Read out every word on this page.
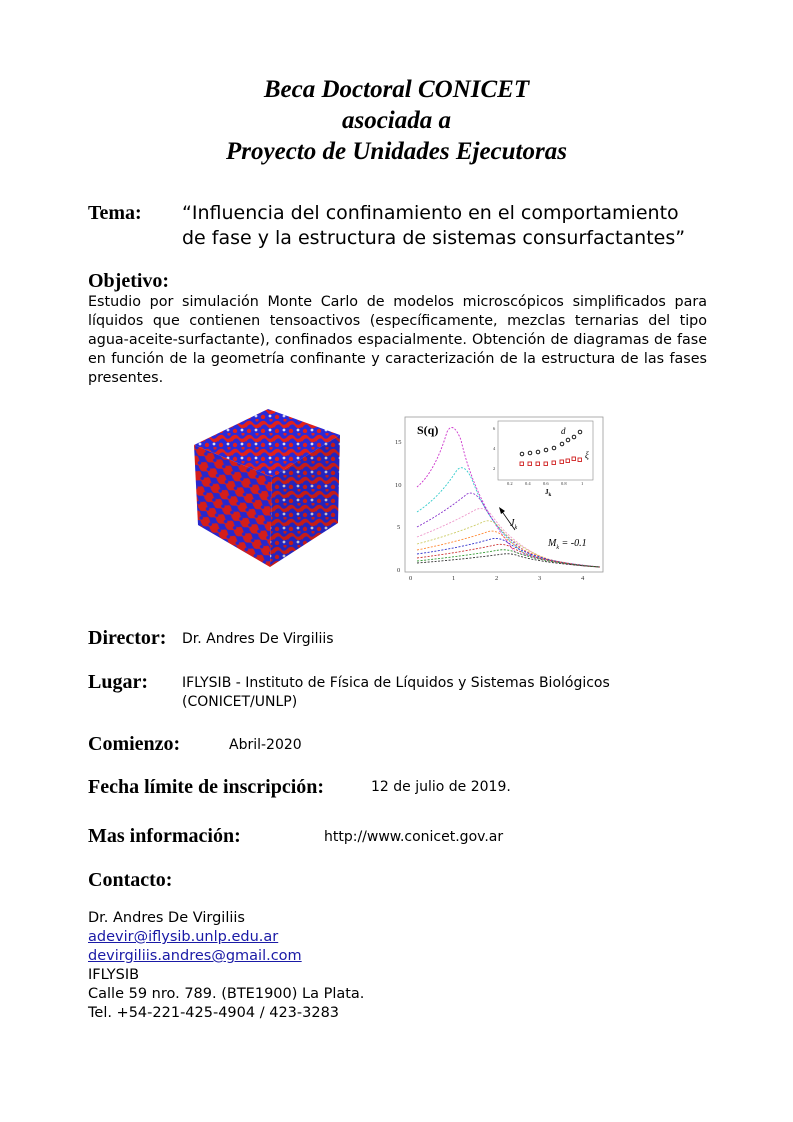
Beca Doctoral CONICET
asociada a
Proyecto de Unidades Ejecutoras
Tema: “Influencia del confinamiento en el comportamiento
de fase y la estructura de sistemas consurfactantes”
Objetivo:
Estudio por simulación Monte Carlo de modelos microscópicos simplificados para líquidos que contienen tensoactivos (específicamente, mezclas ternarias del tipo agua-aceite-surfactante), confinados espacialmente. Obtención de diagramas de fase en función de la geometría confinante y caracterización de la estructura de las fases presentes.
S(q)
0
5
10
15
0	1	2	3	4
$J_k$
$M_k = -0.1$
2
4
6
0.2	0.4	0.6	0.8	1
d
ξ
$J_k$
Director: Dr. Andres De Virgiliis
Lugar: IFLYSIB - Instituto de Física de Líquidos y Sistemas Biológicos
(CONICET/UNLP)
Comienzo:	Abril-2020
Fecha límite de inscripción:	12 de julio de 2019.
Mas información:	http://www.conicet.gov.ar
Contacto:
Dr. Andres De Virgiliis
adevir@iflysib.unlp.edu.ar
devirgiliis.andres@gmail.com
IFLYSIB
Calle 59 nro. 789. (BTE1900) La Plata.
Tel. +54-221-425-4904 / 423-3283
